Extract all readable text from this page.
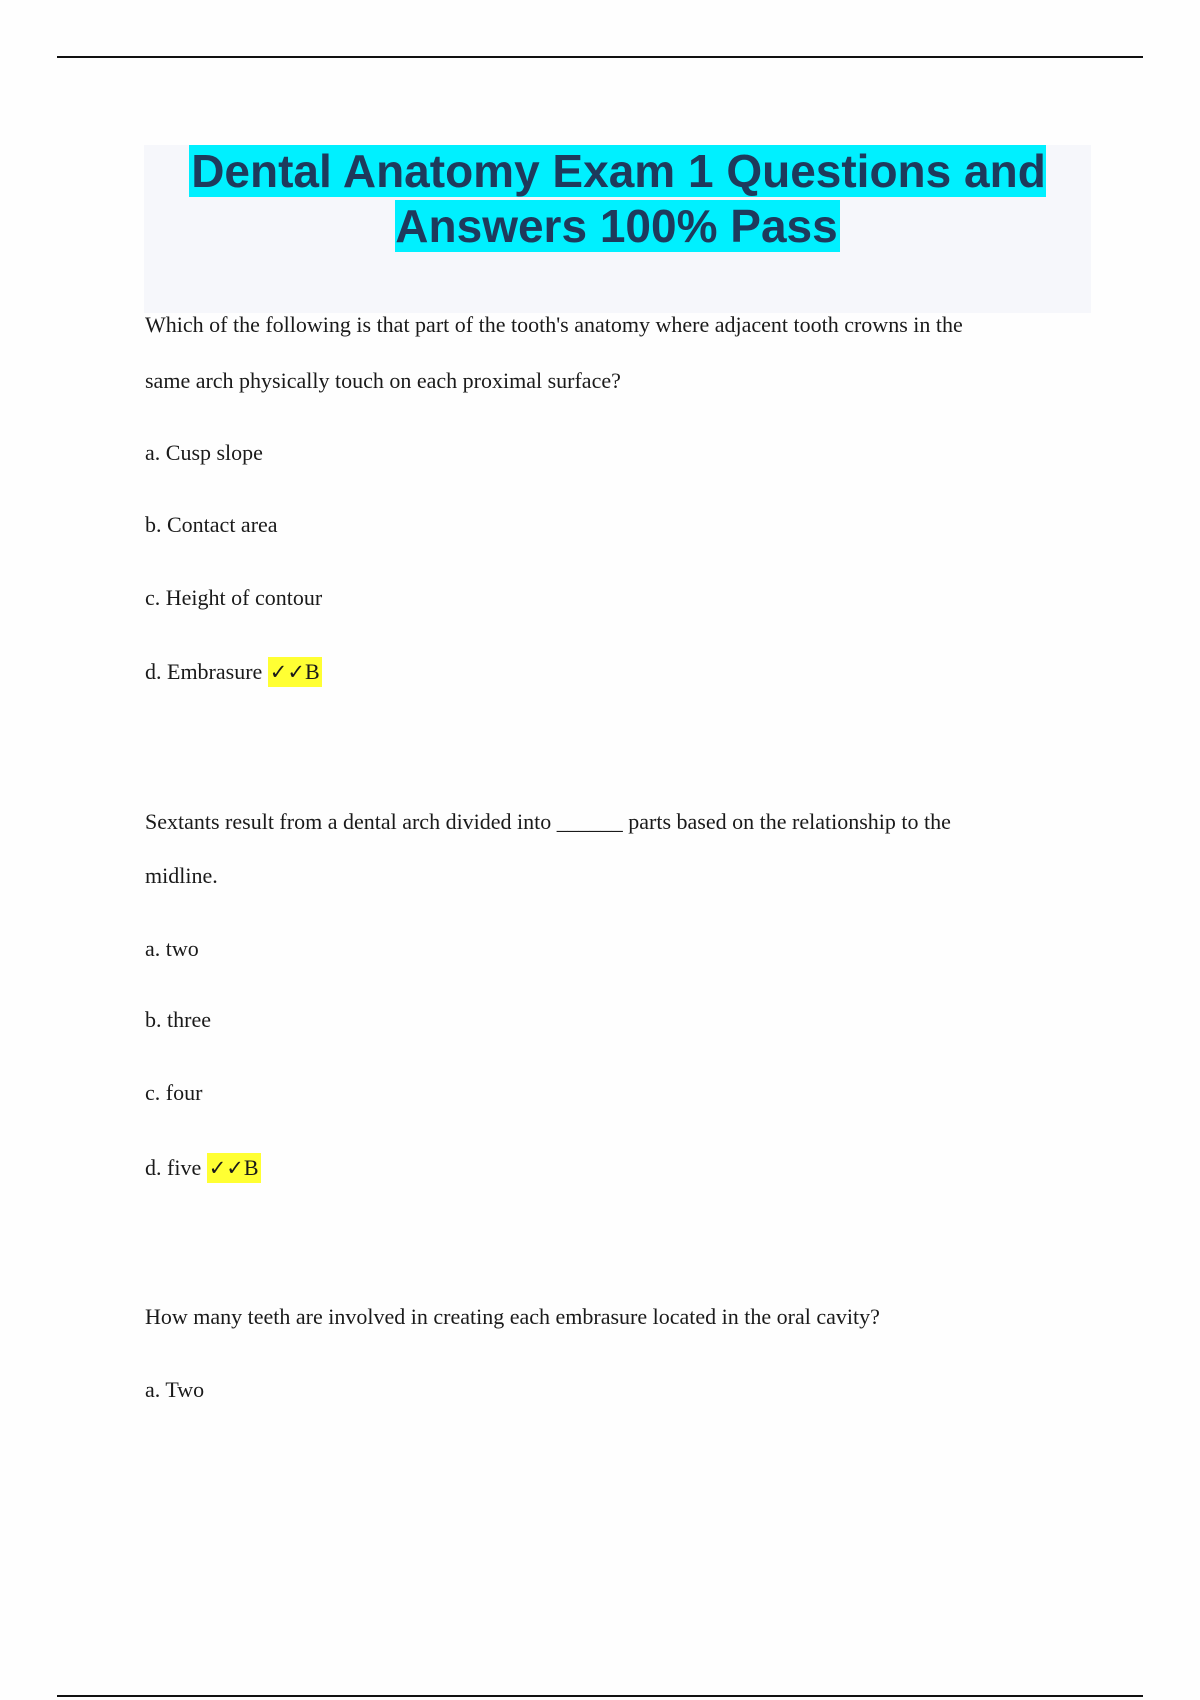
Dental Anatomy Exam 1 Questions and Answers 100% Pass

Which of the following is that part of the tooth's anatomy where adjacent tooth crowns in the

same arch physically touch on each proximal surface?

a. Cusp slope

b. Contact area

c. Height of contour

d. Embrasure ✓✓B

Sextants result from a dental arch divided into ______ parts based on the relationship to the

midline.

a. two

b. three

c. four

d. five ✓✓B

How many teeth are involved in creating each embrasure located in the oral cavity?

a. Two
